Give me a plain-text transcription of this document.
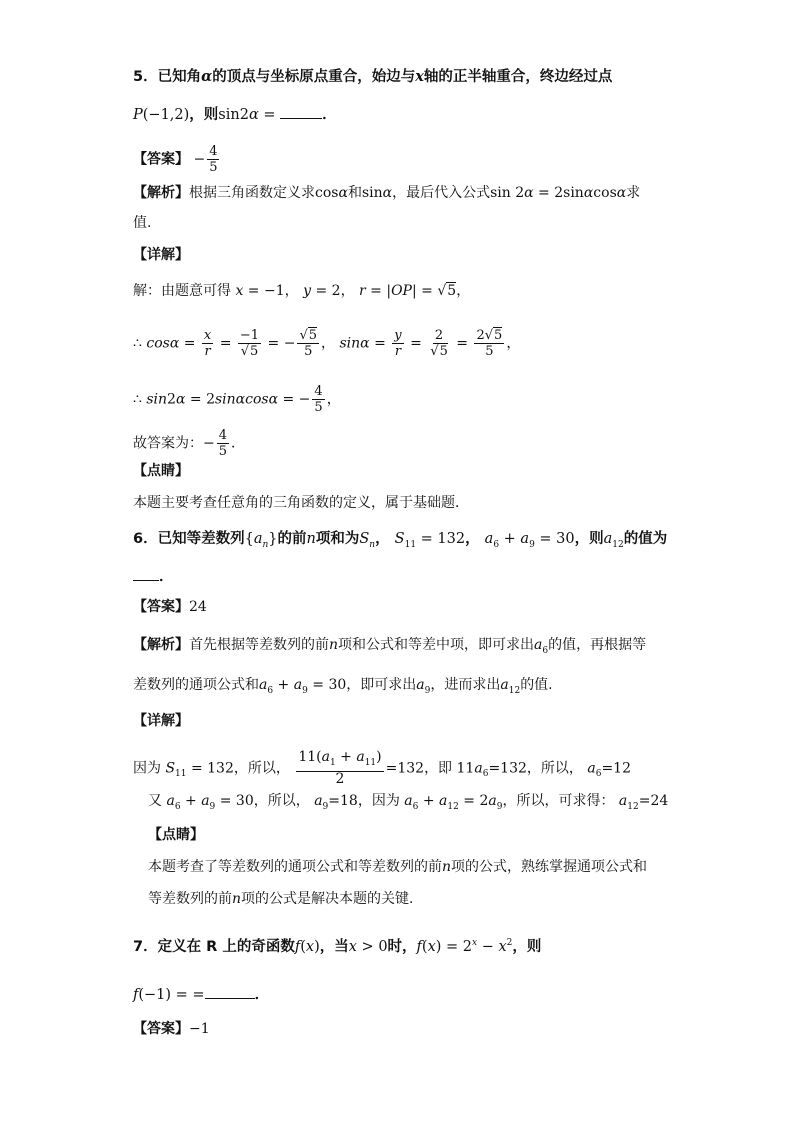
5．已知角α的顶点与坐标原点重合，始边与x轴的正半轴重合，终边经过点
P(−1,2)，则sin2α =	．
【答案】 − $\frac{4}{5}$
【解析】根据三角函数定义求cosα和sinα，最后代入公式sin 2α = 2sinαcosα求
值.
【详解】
解：由题意可得 x = −1， y = 2， r = |OP| = √5，
∴ $\cos\alpha = \frac{x}{r} = \frac{-1}{√5}$ = − $\frac{√5}{5}$ ， $\sin\alpha = \frac{y}{r} = \frac{2}{√5} = \frac{2√5}{5}$ ，
∴ sin2α = 2sinαcosα = − $\frac{4}{5}$ ，
故答案为：− $\frac{4}{5}$ ．
【点睛】
本题主要考查任意角的三角函数的定义，属于基础题．
6．已知等差数列$\{a_n\}$的前n项和为$S_n$， $S_{11} = 132$， $a_6 + a_9 = 30$，则$a_{12}$的值为
．
【答案】24
【解析】首先根据等差数列的前n项和公式和等差中项，即可求出$a_6$的值，再根据等
差数列的通项公式和$a_6 + a_9 = 30$，即可求出$a_9$，进而求出$a_{12}$的值.
【详解】
因为 $S_{11} = 132$，所以， $\frac{11(a_1 + a_{11})}{2} =132$，即 $11a_6=132$，所以， $a_6=12$
又 $a_6 + a_9 = 30$，所以， $a_9=18$，因为 $a_6 + a_{12} = 2a_9$，所以，可求得： $a_{12}=24$
【点睛】
本题考查了等差数列的通项公式和等差数列的前n项的公式，熟练掌握通项公式和
等差数列的前n项的公式是解决本题的关键.
7．定义在 R 上的奇函数f(x)，当x > 0时，$f(x) = 2^x - x^2$，则
f(−1) = =	．
【答案】−1
